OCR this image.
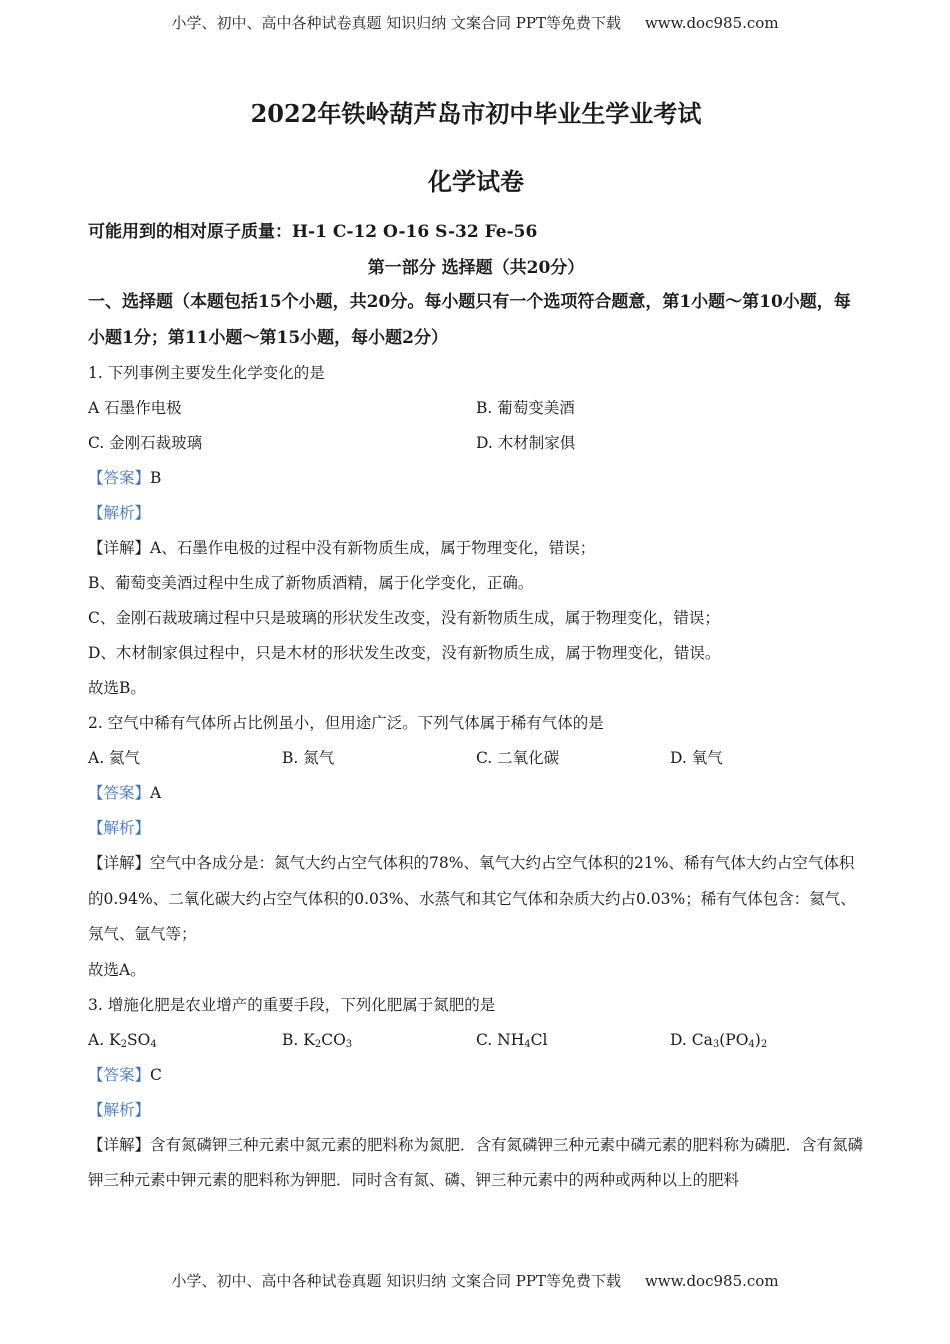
小学、初中、高中各种试卷真题 知识归纳 文案合同 PPT等免费下载 www.doc985.com
2022年铁岭葫芦岛市初中毕业生学业考试
化学试卷
可能用到的相对原子质量：H-1 C-12 O-16 S-32 Fe-56
第一部分 选择题（共20分）
一、选择题（本题包括15个小题，共20分。每小题只有一个选项符合题意，第1小题～第10小题，每小题1分；第11小题～第15小题，每小题2分）
1. 下列事例主要发生化学变化的是
A 石墨作电极	B. 葡萄变美酒
C. 金刚石裁玻璃	D. 木材制家俱
【答案】B
【解析】
【详解】A、石墨作电极的过程中没有新物质生成，属于物理变化，错误；
B、葡萄变美酒过程中生成了新物质酒精，属于化学变化，正确。
C、金刚石裁玻璃过程中只是玻璃的形状发生改变，没有新物质生成，属于物理变化，错误；
D、木材制家俱过程中，只是木材的形状发生改变，没有新物质生成，属于物理变化，错误。
故选B。
2. 空气中稀有气体所占比例虽小，但用途广泛。下列气体属于稀有气体的是
A. 氦气	B. 氮气	C. 二氧化碳	D. 氧气
【答案】A
【解析】
【详解】空气中各成分是：氮气大约占空气体积的78%、氧气大约占空气体积的21%、稀有气体大约占空气体积的0.94%、二氧化碳大约占空气体积的0.03%、水蒸气和其它气体和杂质大约占0.03%；稀有气体包含：氦气、氖气、氩气等；
故选A。
3. 增施化肥是农业增产的重要手段，下列化肥属于氮肥的是
A. $K_2SO_4$	B. $K_2CO_3$	C. $NH_4Cl$	D. $Ca_3(PO_4)_2$
【答案】C
【解析】
【详解】含有氮磷钾三种元素中氮元素的肥料称为氮肥．含有氮磷钾三种元素中磷元素的肥料称为磷肥．含有氮磷钾三种元素中钾元素的肥料称为钾肥．同时含有氮、磷、钾三种元素中的两种或两种以上的肥料
小学、初中、高中各种试卷真题 知识归纳 文案合同 PPT等免费下载 www.doc985.com
